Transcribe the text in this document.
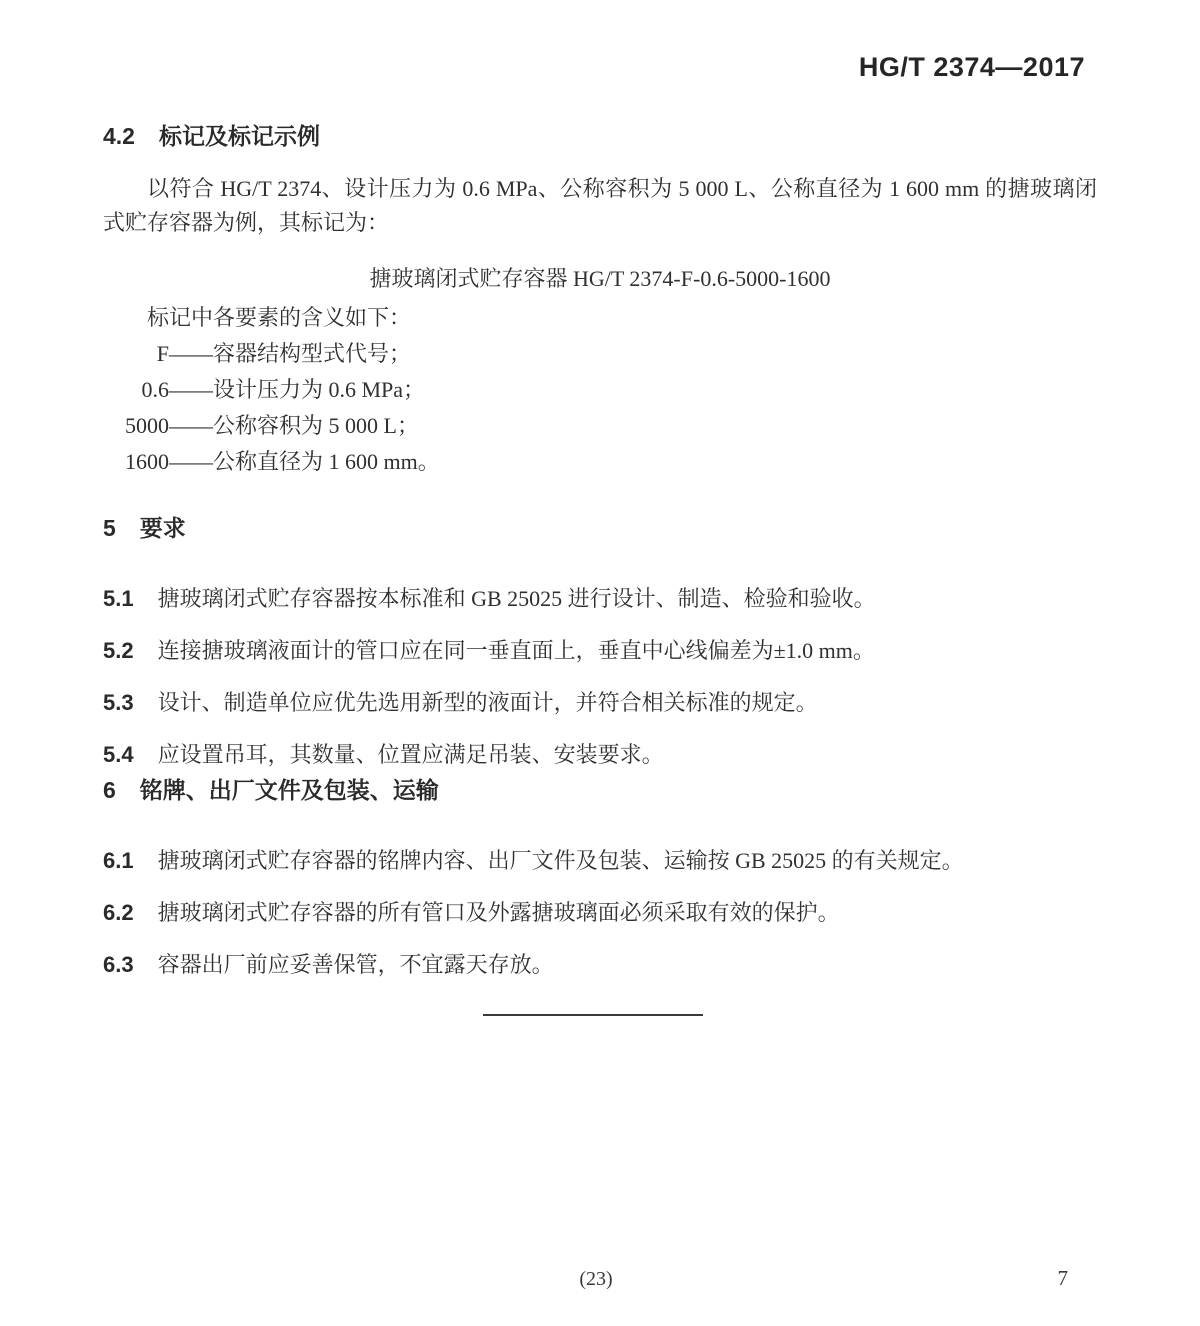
HG/T 2374—2017
4.2 标记及标记示例

以符合 HG/T 2374、设计压力为 0.6 MPa、公称容积为 5 000 L、公称直径为 1 600 mm 的搪玻璃闭式贮存容器为例，其标记为：

搪玻璃闭式贮存容器 HG/T 2374-F-0.6-5000-1600
标记中各要素的含义如下：
F ——容器结构型式代号；
0.6 ——设计压力为 0.6 MPa；
5000 ——公称容积为 5 000 L；
1600 ——公称直径为 1 600 mm。
5 要求
5.1 搪玻璃闭式贮存容器按本标准和 GB 25025 进行设计、制造、检验和验收。
5.2 连接搪玻璃液面计的管口应在同一垂直面上，垂直中心线偏差为±1.0 mm。
5.3 设计、制造单位应优先选用新型的液面计，并符合相关标准的规定。
5.4 应设置吊耳，其数量、位置应满足吊装、安装要求。
6 铭牌、出厂文件及包装、运输
6.1 搪玻璃闭式贮存容器的铭牌内容、出厂文件及包装、运输按 GB 25025 的有关规定。
6.2 搪玻璃闭式贮存容器的所有管口及外露搪玻璃面必须采取有效的保护。
6.3 容器出厂前应妥善保管，不宜露天存放。
(23)	7
